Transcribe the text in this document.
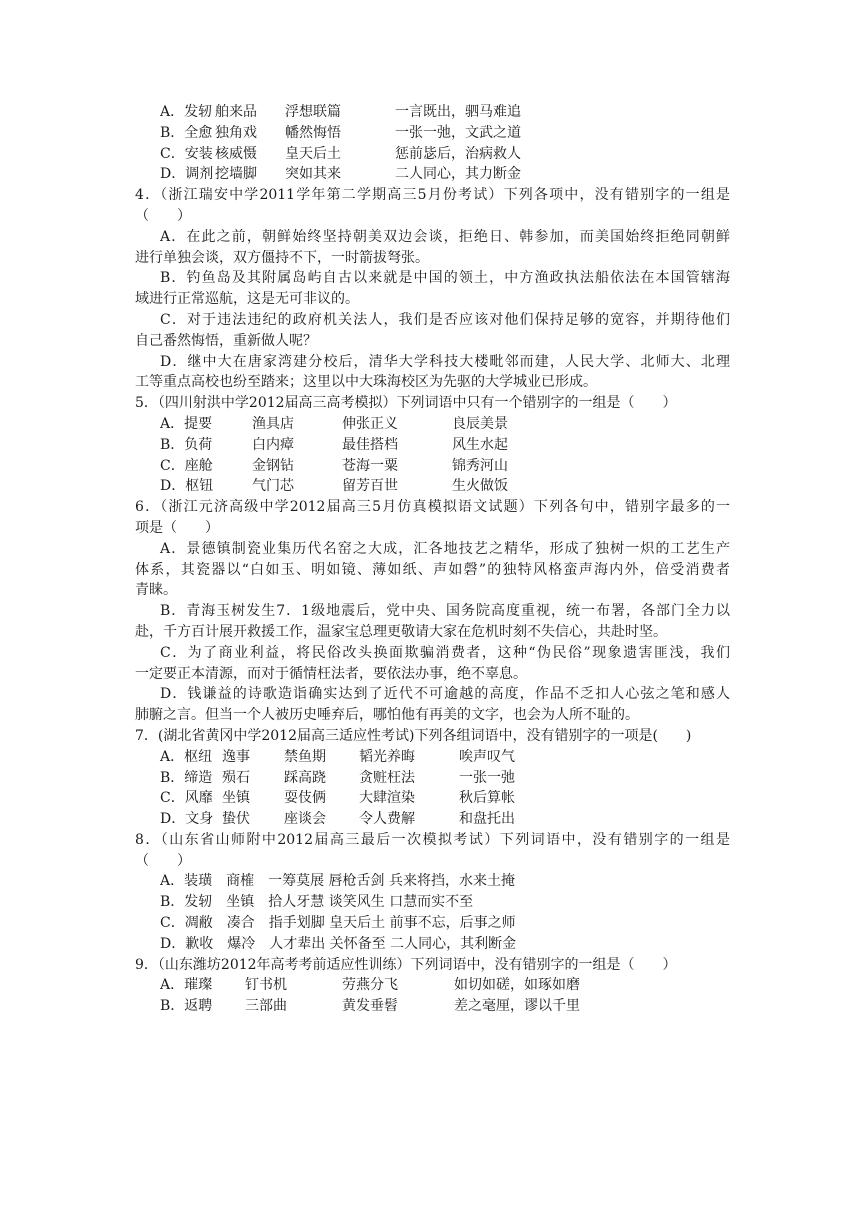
A．发轫 舶来品 浮想联篇	一言既出，驷马难追
B．全愈 独角戏 幡然悔悟	一张一弛，文武之道
C．安装 核威慑 皇天后土	惩前毖后，治病救人
D．调剂 挖墙脚 突如其来	二人同心，其力断金
4．（浙江瑞安中学2011学年第二学期高三5月份考试）下列各项中，没有错别字的一组是
（　　）
A．在此之前，朝鲜始终坚持朝美双边会谈，拒绝日、韩参加，而美国始终拒绝同朝鲜
进行单独会谈，双方僵持不下，一时箭拔弩张。
B．钓鱼岛及其附属岛屿自古以来就是中国的领土，中方渔政执法船依法在本国管辖海
域进行正常巡航，这是无可非议的。
C．对于违法违纪的政府机关法人，我们是否应该对他们保持足够的宽容，并期待他们
自己番然悔悟，重新做人呢？
D．继中大在唐家湾建分校后，清华大学科技大楼毗邻而建，人民大学、北师大、北理
工等重点高校也纷至踏来；这里以中大珠海校区为先驱的大学城业已形成。
5．（四川射洪中学2012届高三高考模拟）下列词语中只有一个错别字的一组是（　　）
A．提要	渔具店	伸张正义	良辰美景
B．负荷	白内瘴	最佳搭档	风生水起
C．座舱	金钢钻	苍海一粟	锦秀河山
D．枢钮	气门芯	留芳百世	生火做饭
6．（浙江元济高级中学2012届高三5月仿真模拟语文试题）下列各句中，错别字最多的一
项是（　　）
A．景德镇制瓷业集历代名窑之大成，汇各地技艺之精华，形成了独树一炽的工艺生产
体系，其瓷器以“白如玉、明如镜、薄如纸、声如磬”的独特风格蛮声海内外，倍受消费者
青睐。
B．青海玉树发生7．1级地震后，党中央、国务院高度重视，统一布署，各部门全力以
赴，千方百计展开救援工作，温家宝总理更敬请大家在危机时刻不失信心，共赴时坚。
C．为了商业利益，将民俗改头换面欺骗消费者，这种“伪民俗”现象遗害匪浅，我们
一定要正本清源，而对于循情枉法者，要依法办事，绝不辜息。
D．钱谦益的诗歌造诣确实达到了近代不可逾越的高度，作品不乏扣人心弦之笔和感人
肺腑之言。但当一个人被历史唾弃后，哪怕他有再美的文字，也会为人所不耻的。
7．(湖北省黄冈中学2012届高三适应性考试)下列各组词语中，没有错别字的一项是(　　)
A．枢纽 逸事 禁鱼期 韬光养晦	唉声叹气
B．缔造 殒石 踩高跷 贪赃枉法	一张一弛
C．风靡 坐镇 耍伎俩 大肆渲染	秋后算帐
D．文身 蛰伏 座谈会 令人费解	和盘托出
8．（山东省山师附中2012届高三最后一次模拟考试）下列词语中，没有错别字的一组是
（　　）
A．装璜　商榷　一筹莫展 唇枪舌剑 兵来将挡，水来土掩
B．发轫　坐镇　拾人牙慧 谈笑风生 口慧而实不至
C．凋敝　凑合　指手划脚 皇天后土 前事不忘，后事之师
D．歉收　爆冷　人才辈出 关怀备至 二人同心，其利断金
9．（山东潍坊2012年高考考前适应性训练）下列词语中，没有错别字的一组是（　　）
A．璀璨 钉书机	劳燕分飞	如切如磋，如琢如磨
B．返聘 三部曲	黄发垂髫	差之毫厘，谬以千里
